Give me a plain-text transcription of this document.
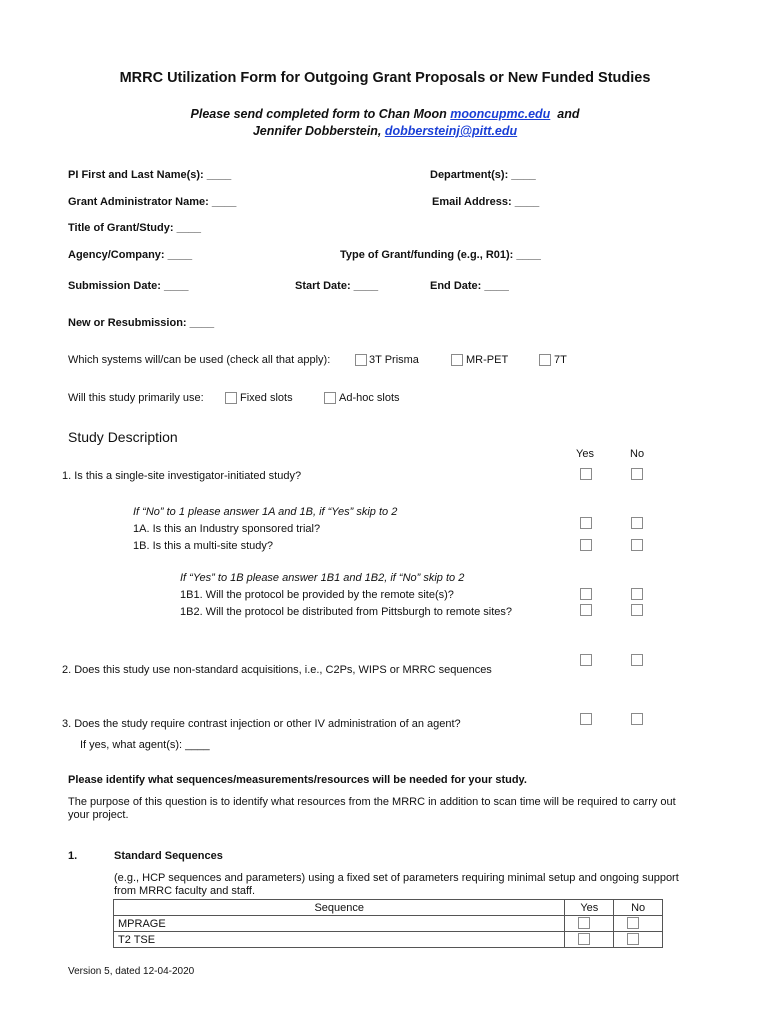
MRRC Utilization Form for Outgoing Grant Proposals or New Funded Studies
Please send completed form to Chan Moon mooncupmc.edu and
Jennifer Dobberstein, dobbersteinj@pitt.edu
PI First and Last Name(s): ____	Department(s): ____
Grant Administrator Name: ____	Email Address: ____
Title of Grant/Study: ____
Agency/Company: ____	Type of Grant/funding (e.g., R01): ____
Submission Date: ____	Start Date: ____	End Date: ____
New or Resubmission: ____
Which systems will/can be used (check all that apply):	3T Prisma	MR-PET	7T
Will this study primarily use:	Fixed slots	Ad-hoc slots
Study Description
Yes	No
1. Is this a single-site investigator-initiated study?
If “No” to 1 please answer 1A and 1B, if “Yes” skip to 2
1A. Is this an Industry sponsored trial?
1B. Is this a multi-site study?
If “Yes” to 1B please answer 1B1 and 1B2, if “No” skip to 2
1B1. Will the protocol be provided by the remote site(s)?
1B2. Will the protocol be distributed from Pittsburgh to remote sites?
2. Does this study use non-standard acquisitions, i.e., C2Ps, WIPS or MRRC sequences
3. Does the study require contrast injection or other IV administration of an agent?
If yes, what agent(s): ____
Please identify what sequences/measurements/resources will be needed for your study.
The purpose of this question is to identify what resources from the MRRC in addition to scan time will be required to carry out
your project.
1.	Standard Sequences
(e.g., HCP sequences and parameters) using a fixed set of parameters requiring minimal setup and ongoing support
from MRRC faculty and staff.
Sequence	Yes	No
MPRAGE	

T2 TSE	

Version 5, dated 12-04-2020
